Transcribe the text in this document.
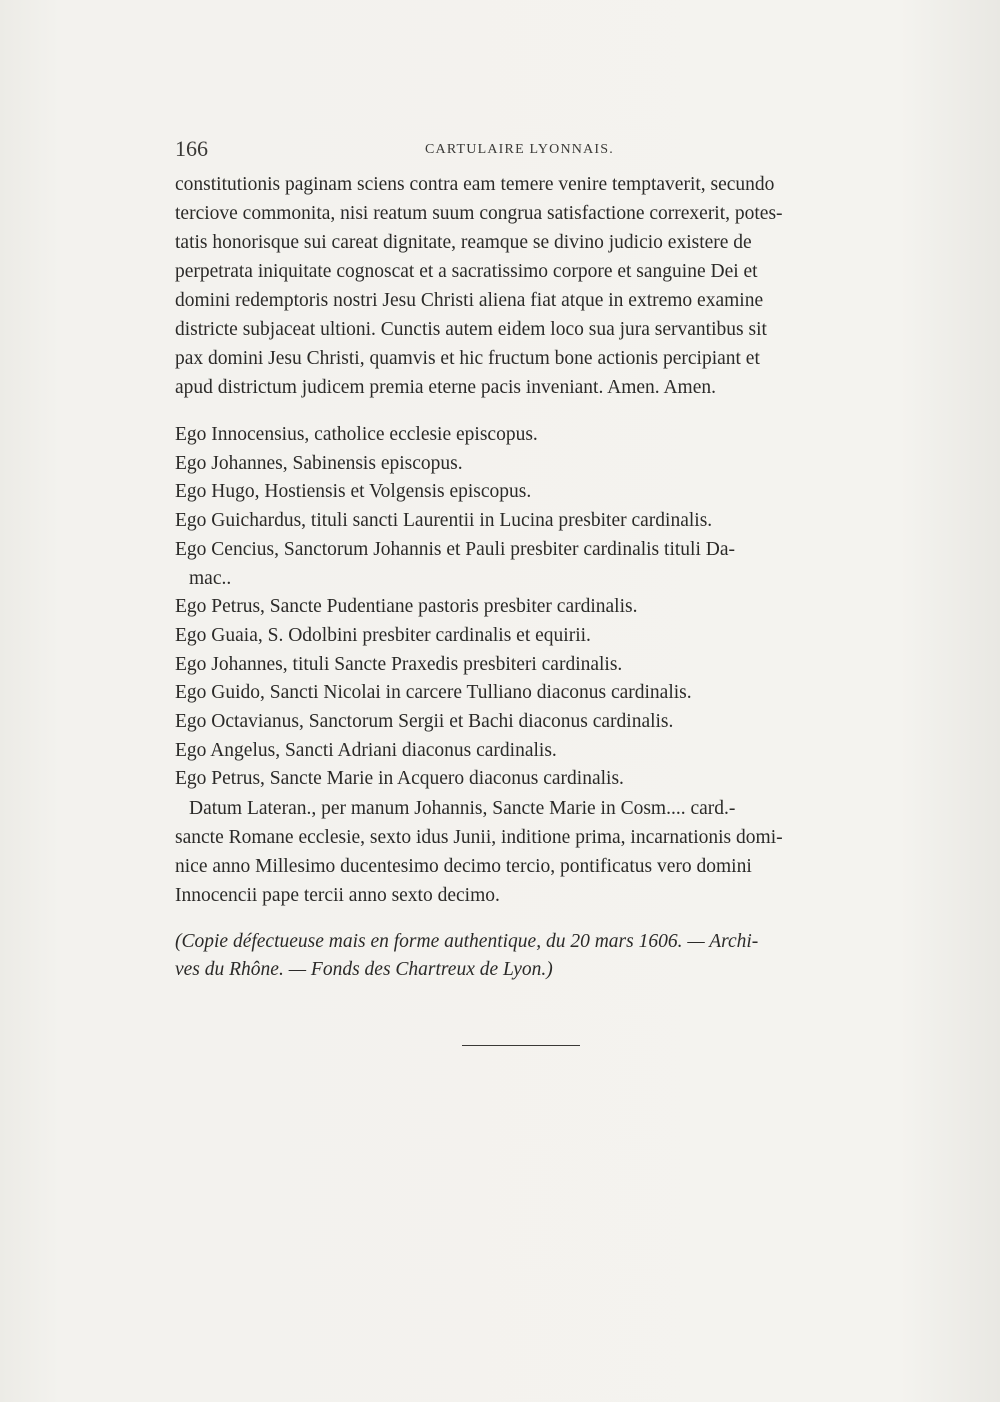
166	CARTULAIRE LYONNAIS.

constitutionis paginam sciens contra eam temere venire temptaverit, secundo

terciove commonita, nisi reatum suum congrua satisfactione correxerit, potes-

tatis honorisque sui careat dignitate, reamque se divino judicio existere de

perpetrata iniquitate cognoscat et a sacratissimo corpore et sanguine Dei et

domini redemptoris nostri Jesu Christi aliena fiat atque in extremo examine

districte subjaceat ultioni. Cunctis autem eidem loco sua jura servantibus sit

pax domini Jesu Christi, quamvis et hic fructum bone actionis percipiant et

apud districtum judicem premia eterne pacis inveniant. Amen. Amen.

Ego Innocensius, catholice ecclesie episcopus.

Ego Johannes, Sabinensis episcopus.

Ego Hugo, Hostiensis et Volgensis episcopus.

Ego Guichardus, tituli sancti Laurentii in Lucina presbiter cardinalis.

Ego Cencius, Sanctorum Johannis et Pauli presbiter cardinalis tituli Da-

mac..

Ego Petrus, Sancte Pudentiane pastoris presbiter cardinalis.

Ego Guaia, S. Odolbini presbiter cardinalis et equirii.

Ego Johannes, tituli Sancte Praxedis presbiteri cardinalis.

Ego Guido, Sancti Nicolai in carcere Tulliano diaconus cardinalis.

Ego Octavianus, Sanctorum Sergii et Bachi diaconus cardinalis.

Ego Angelus, Sancti Adriani diaconus cardinalis.

Ego Petrus, Sancte Marie in Acquero diaconus cardinalis.

Datum Lateran., per manum Johannis, Sancte Marie in Cosm.... card.-

sancte Romane ecclesie, sexto idus Junii, inditione prima, incarnationis domi-

nice anno Millesimo ducentesimo decimo tercio, pontificatus vero domini

Innocencii pape tercii anno sexto decimo.

(Copie défectueuse mais en forme authentique, du 20 mars 1606. — Archi-

ves du Rhône. — Fonds des Chartreux de Lyon.)
